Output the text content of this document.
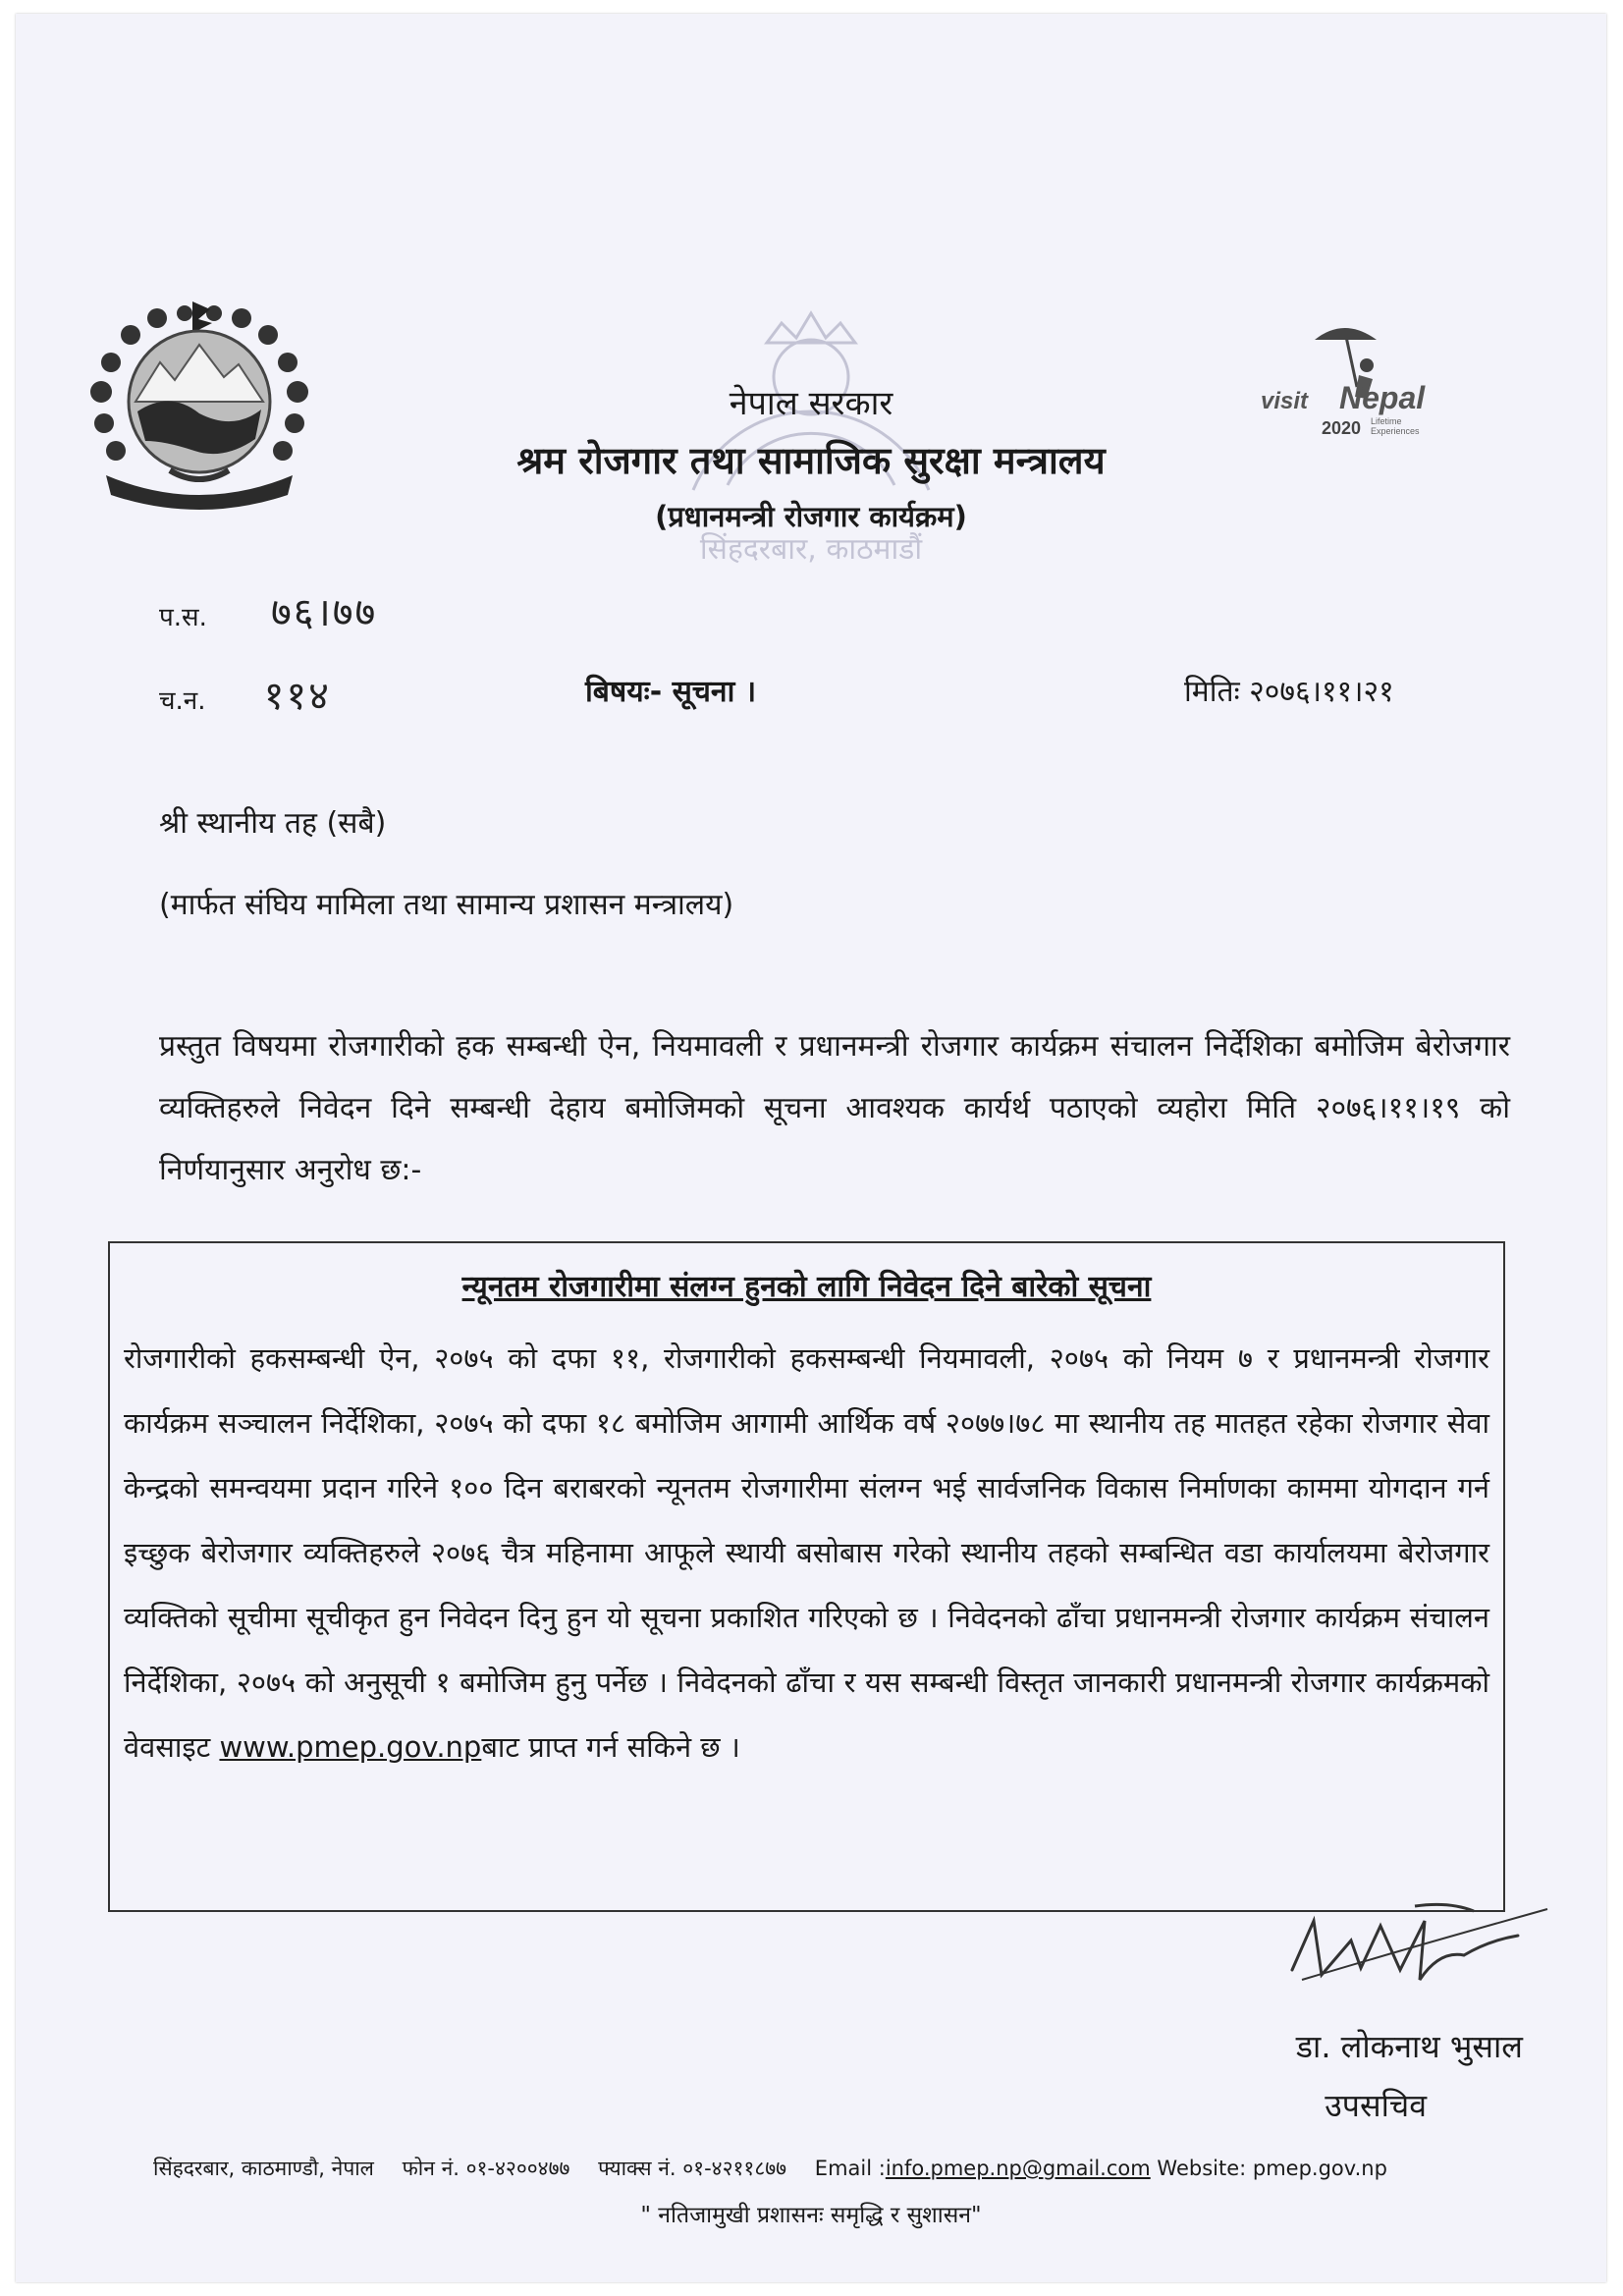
सिंहदरबार, काठमाडौं
visit Nepal
2020 Lifetime
Experiences
नेपाल सरकार
श्रम रोजगार तथा सामाजिक सुरक्षा मन्त्रालय
(प्रधानमन्त्री रोजगार कार्यक्रम)
प.स. ७६।७७
च.न. ११४	बिषयः- सूचना ।	मितिः २०७६।११।२१
श्री स्थानीय तह (सबै)
(मार्फत संघिय मामिला तथा सामान्य प्रशासन मन्त्रालय)
प्रस्तुत विषयमा रोजगारीको हक सम्बन्धी ऐन, नियमावली र प्रधानमन्त्री रोजगार कार्यक्रम संचालन निर्देशिका बमोजिम बेरोजगार व्यक्तिहरुले निवेदन दिने सम्बन्धी देहाय बमोजिमको सूचना आवश्यक कार्यर्थ पठाएको व्यहोरा मिति २०७६।११।१९ को निर्णयानुसार अनुरोध छ:-
न्यूनतम रोजगारीमा संलग्न हुनको लागि निवेदन दिने बारेको सूचना
रोजगारीको हकसम्बन्धी ऐन, २०७५ को दफा ११, रोजगारीको हकसम्बन्धी नियमावली, २०७५ को नियम ७ र प्रधानमन्त्री रोजगार कार्यक्रम सञ्चालन निर्देशिका, २०७५ को दफा १८ बमोजिम आगामी आर्थिक वर्ष २०७७।७८ मा स्थानीय तह मातहत रहेका रोजगार सेवा केन्द्रको समन्वयमा प्रदान गरिने १०० दिन बराबरको न्यूनतम रोजगारीमा संलग्न भई सार्वजनिक विकास निर्माणका काममा योगदान गर्न इच्छुक बेरोजगार व्यक्तिहरुले २०७६ चैत्र महिनामा आफूले स्थायी बसोबास गरेको स्थानीय तहको सम्बन्धित वडा कार्यालयमा बेरोजगार व्यक्तिको सूचीमा सूचीकृत हुन निवेदन दिनु हुन यो सूचना प्रकाशित गरिएको छ । निवेदनको ढाँचा प्रधानमन्त्री रोजगार कार्यक्रम संचालन निर्देशिका, २०७५ को अनुसूची १ बमोजिम हुनु पर्नेछ । निवेदनको ढाँचा र यस सम्बन्धी विस्तृत जानकारी प्रधानमन्त्री रोजगार कार्यक्रमको वेवसाइट www.pmep.gov.npबाट प्राप्त गर्न सकिने छ ।
डा. लोकनाथ भुसाल
उपसचिव
सिंहदरबार, काठमाण्डौ, नेपाल फोन नं. ०१-४२००४७७ फ्याक्स नं. ०१-४२११८७७ Email :info.pmep.np@gmail.com Website: pmep.gov.np
" नतिजामुखी प्रशासनः समृद्धि र सुशासन"
